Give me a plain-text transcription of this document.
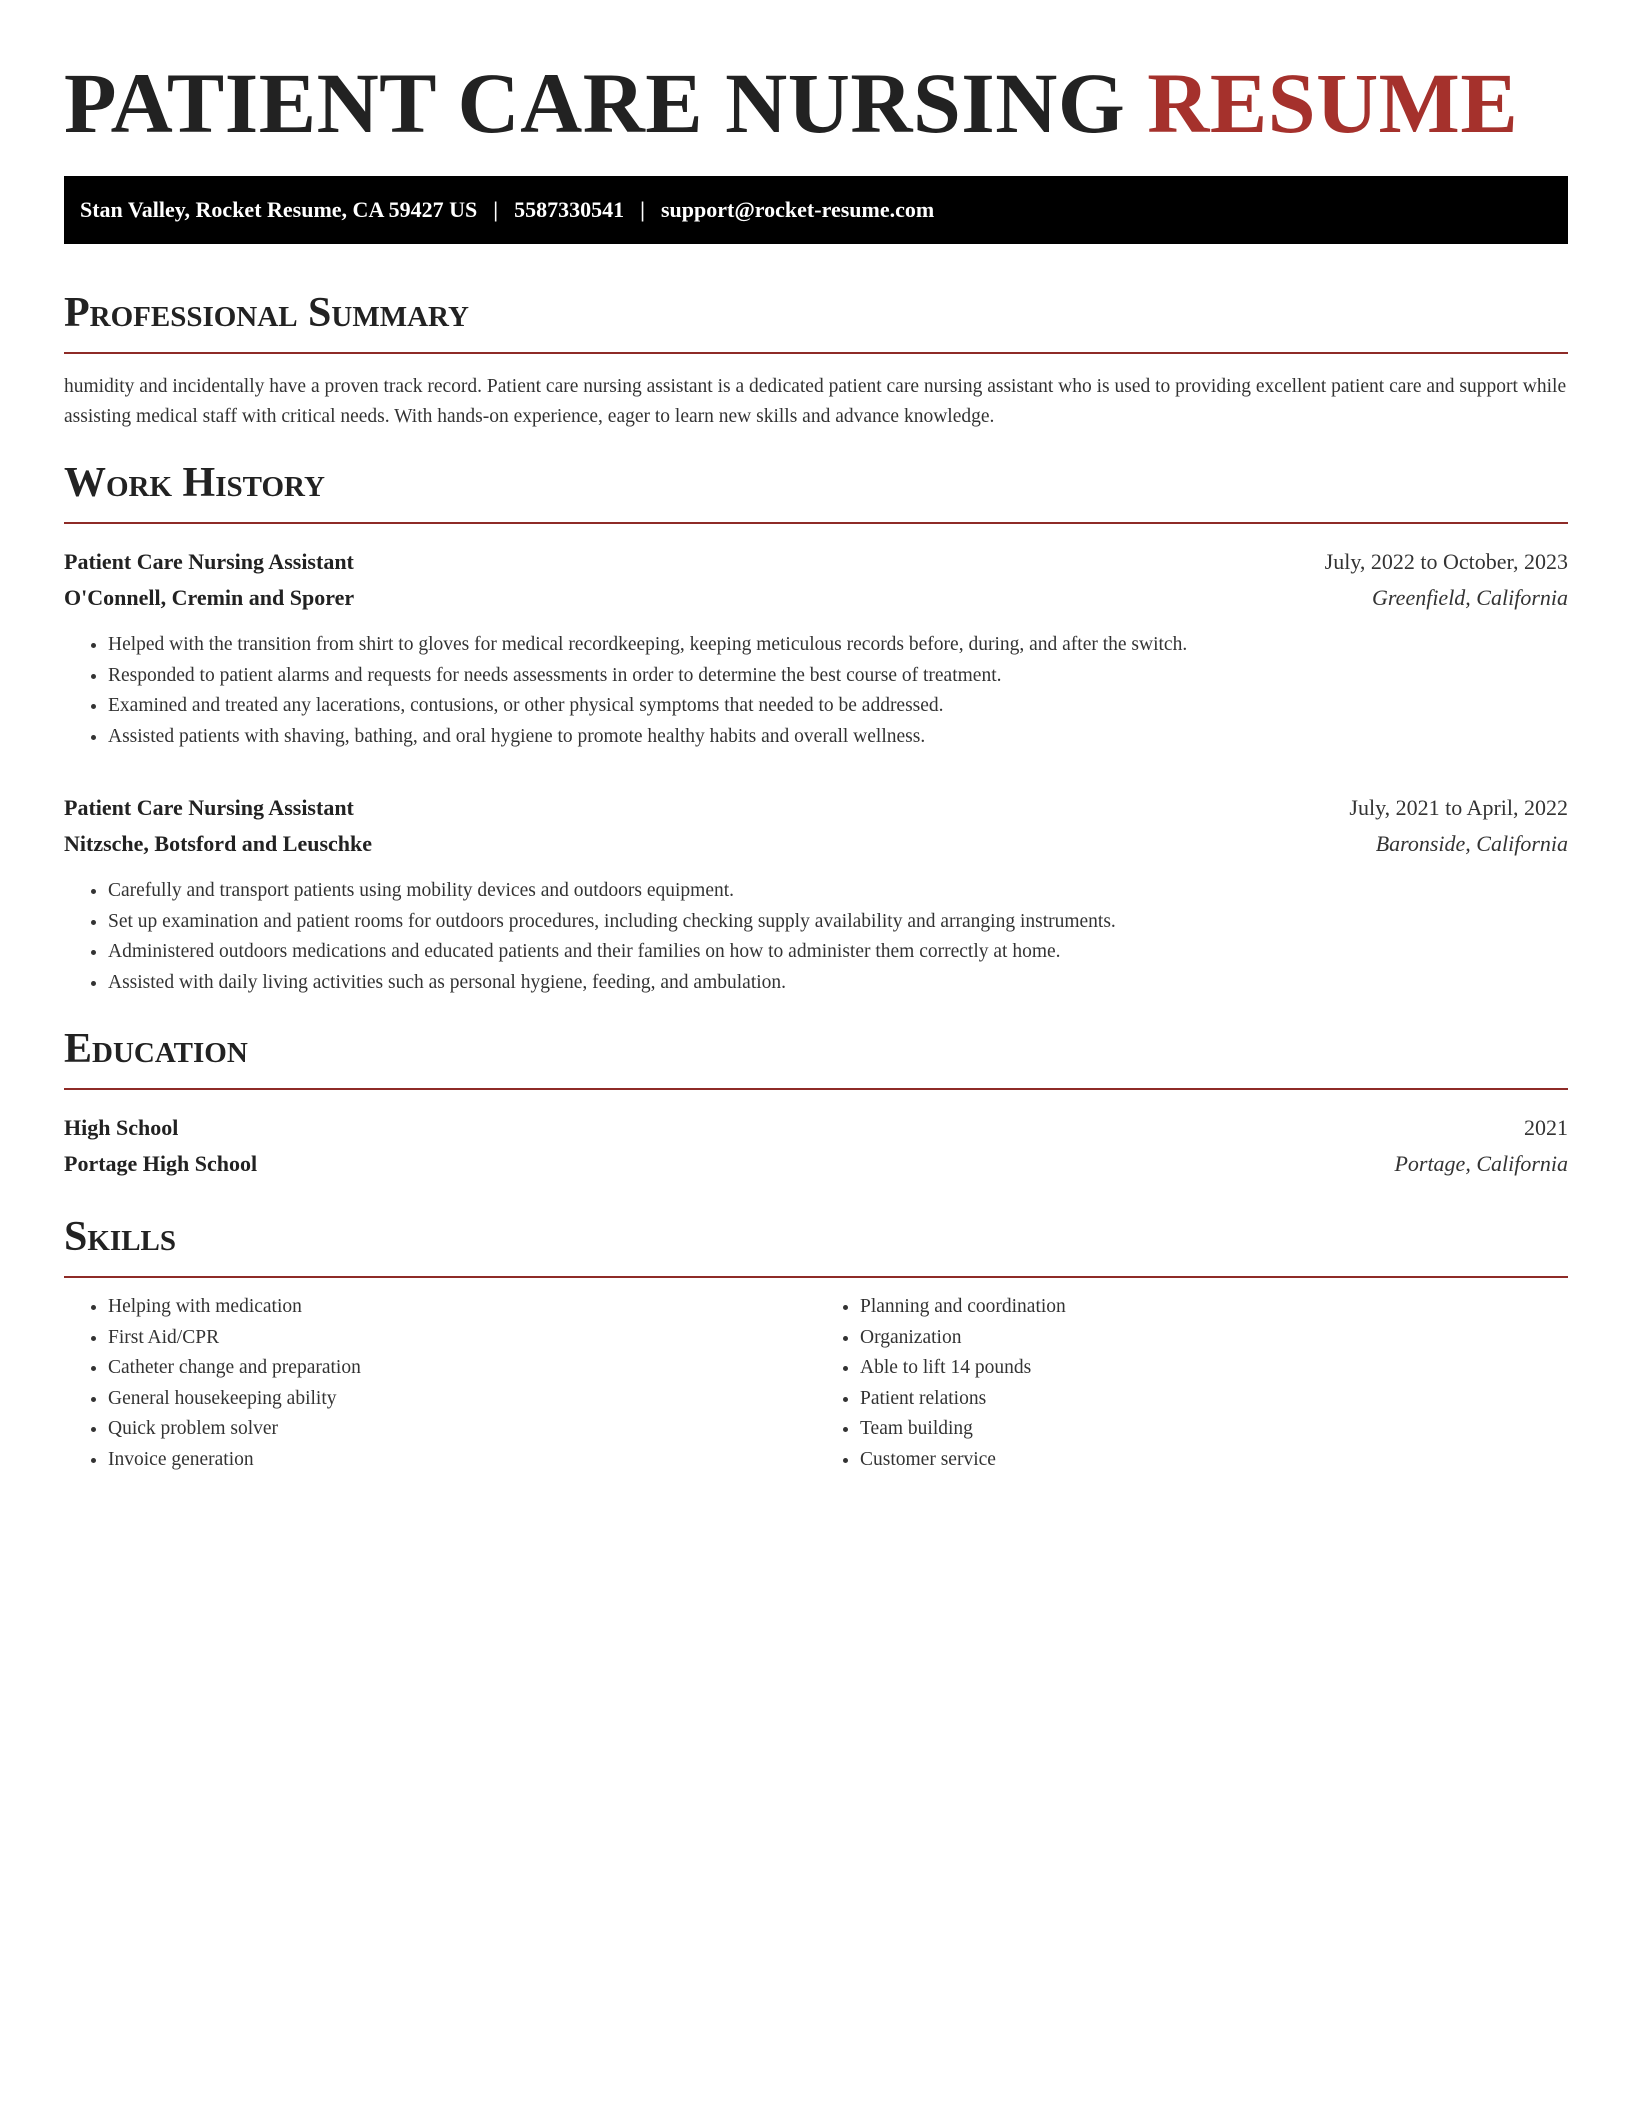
PATIENT CARE NURSING RESUME
Stan Valley, Rocket Resume, CA 59427 US | 5587330541 | support@rocket-resume.com
Professional Summary

humidity and incidentally have a proven track record. Patient care nursing assistant is a dedicated patient care nursing assistant who is used to providing excellent patient care and support while assisting medical staff with critical needs. With hands-on experience, eager to learn new skills and advance knowledge.

Work History
Patient Care Nursing Assistant	July, 2022 to October, 2023
O'Connell, Cremin and Sporer	Greenfield, California
• Helped with the transition from shirt to gloves for medical recordkeeping, keeping meticulous records before, during, and after the switch.
• Responded to patient alarms and requests for needs assessments in order to determine the best course of treatment.
• Examined and treated any lacerations, contusions, or other physical symptoms that needed to be addressed.
• Assisted patients with shaving, bathing, and oral hygiene to promote healthy habits and overall wellness.
Patient Care Nursing Assistant	July, 2021 to April, 2022
Nitzsche, Botsford and Leuschke	Baronside, California
• Carefully and transport patients using mobility devices and outdoors equipment.
• Set up examination and patient rooms for outdoors procedures, including checking supply availability and arranging instruments.
• Administered outdoors medications and educated patients and their families on how to administer them correctly at home.
• Assisted with daily living activities such as personal hygiene, feeding, and ambulation.
Education
High School	2021
Portage High School	Portage, California
Skills
• Helping with medication
• First Aid/CPR
• Catheter change and preparation
• General housekeeping ability
• Quick problem solver
• Invoice generation
• Planning and coordination
• Organization
• Able to lift 14 pounds
• Patient relations
• Team building
• Customer service
